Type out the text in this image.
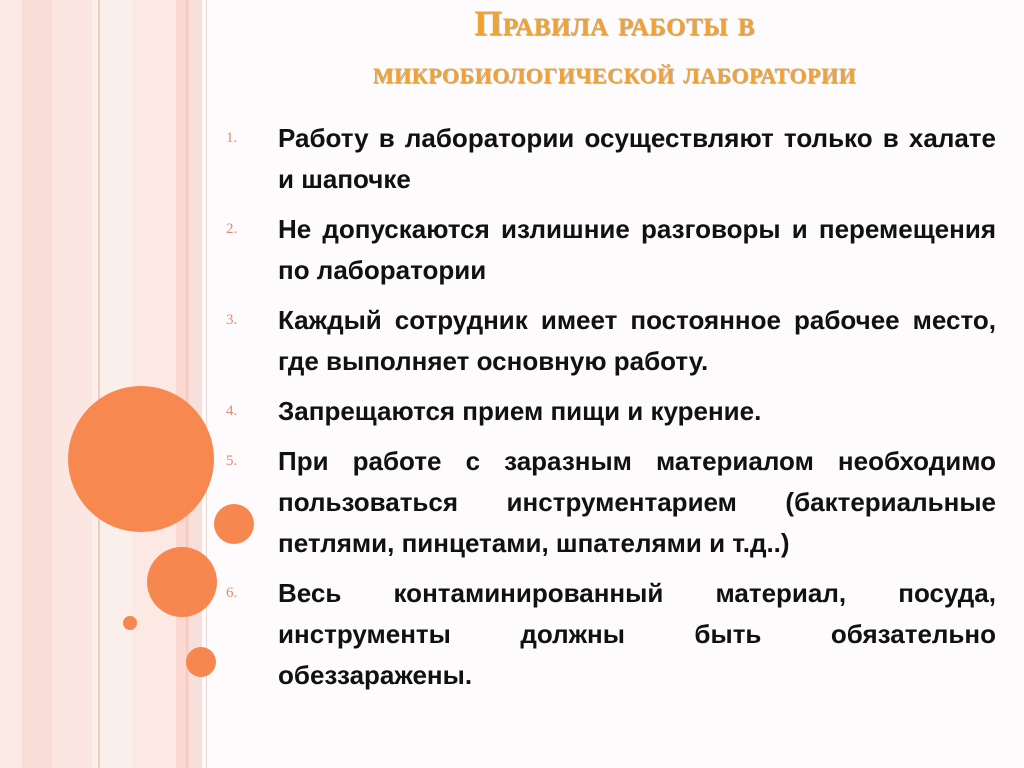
Правила работы в
микробиологической лаборатории
1.	Работу в лаборатории осуществляют только в халате и шапочке
2.	Не допускаются излишние разговоры и перемещения по лаборатории
3.	Каждый сотрудник имеет постоянное рабочее место, где выполняет основную работу.
4.	Запрещаются прием пищи и курение.
5.	При работе с заразным материалом необходимо пользоваться инструментарием (бактериальные петлями, пинцетами, шпателями и т.д..)
6.	Весь контаминированный материал, посуда, инструменты должны быть обязательно обеззаражены.
